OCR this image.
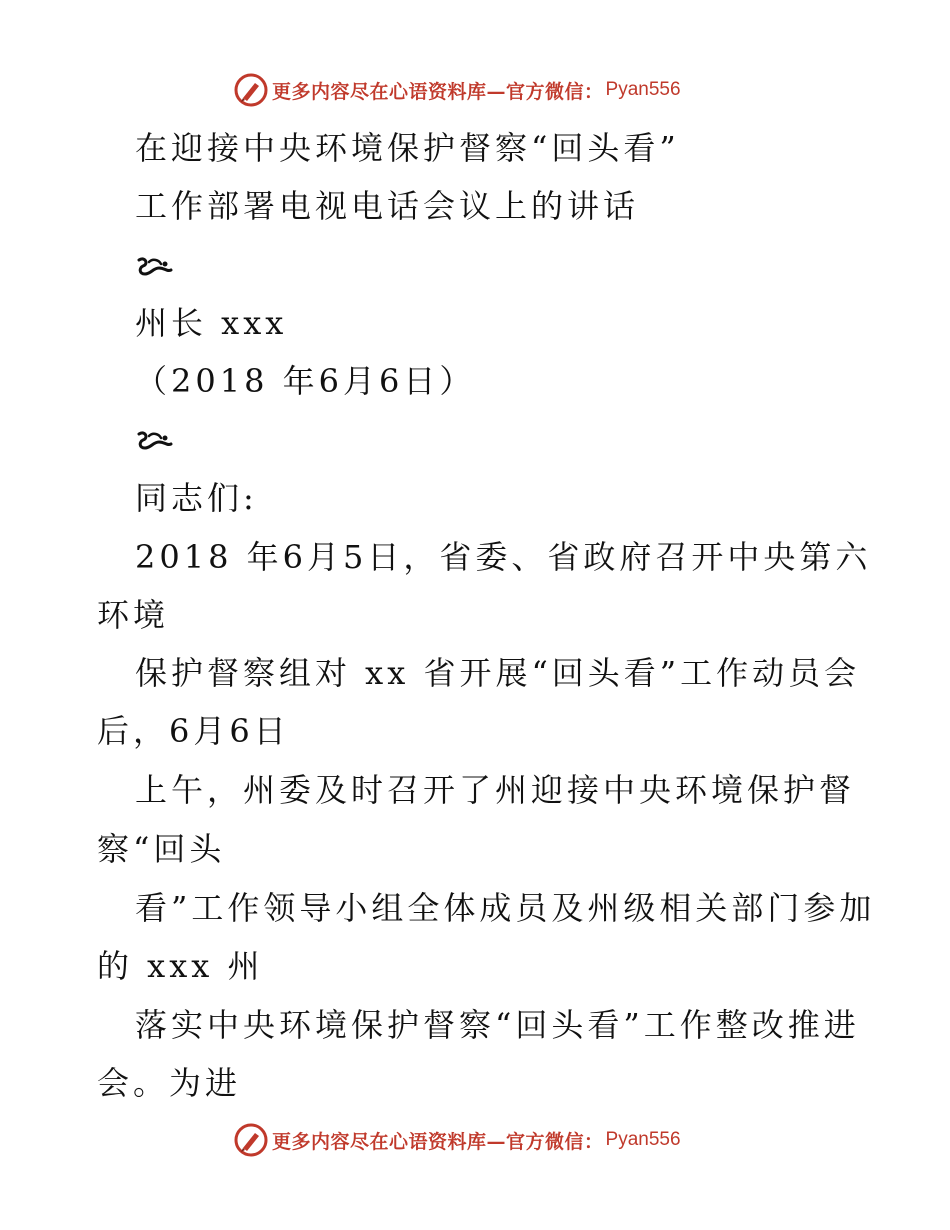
更多内容尽在心语资料库—官方微信： Pyan556
在迎接中央环境保护督察“回头看”
工作部署电视电话会议上的讲话
州长 xxx
（2018 年6月6日）
同志们:
2018 年6月5日，省委、省政府召开中央第六
环境
保护督察组对 xx 省开展“回头看”工作动员会
后，6月6日
上午，州委及时召开了州迎接中央环境保护督
察“回头
看”工作领导小组全体成员及州级相关部门参加
的 xxx 州
落实中央环境保护督察“回头看”工作整改推进
会。为进
更多内容尽在心语资料库—官方微信： Pyan556
